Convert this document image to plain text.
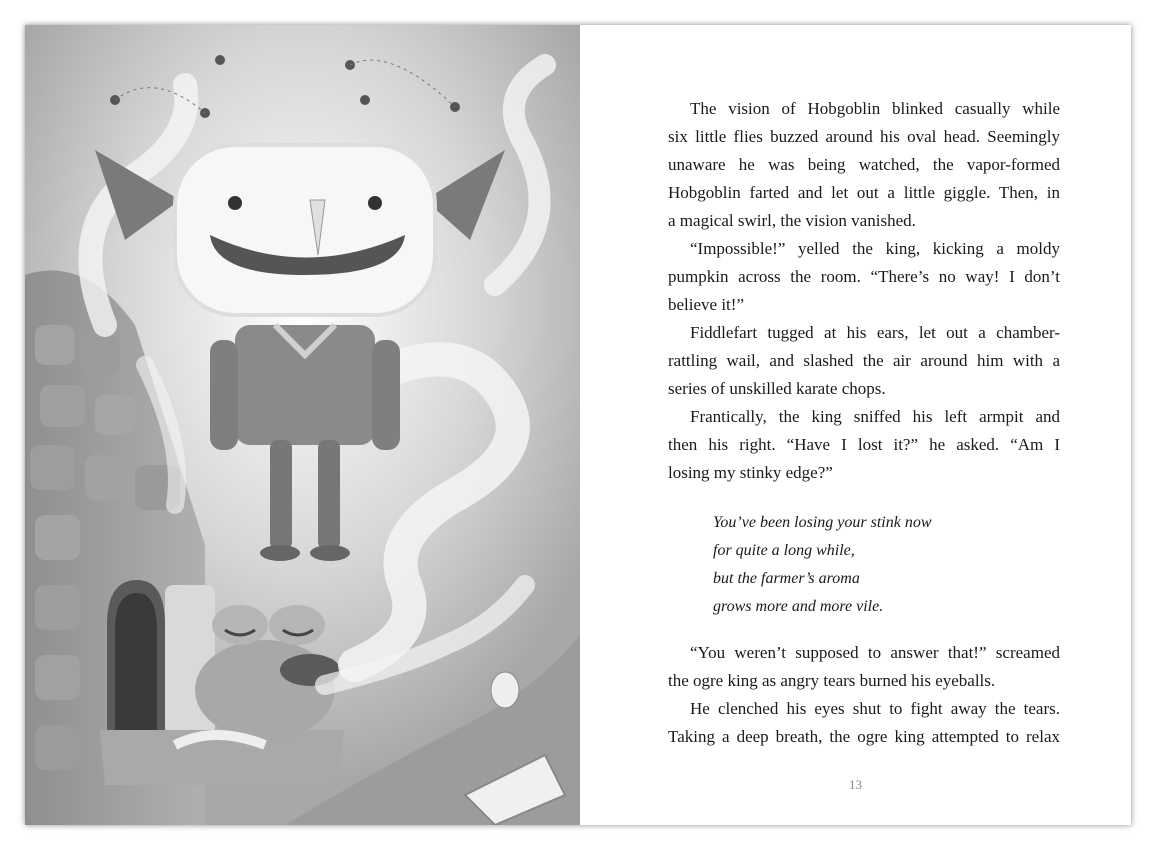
The vision of Hobgoblin blinked casually while
six little flies buzzed around his oval head. Seemingly
unaware he was being watched, the vapor-formed
Hobgoblin farted and let out a little giggle. Then, in
a magical swirl, the vision vanished.
“Impossible!” yelled the king, kicking a moldy
pumpkin across the room. “There’s no way! I don’t
believe it!”
Fiddlefart tugged at his ears, let out a chamber-
rattling wail, and slashed the air around him with a
series of unskilled karate chops.
Frantically, the king sniffed his left armpit and
then his right. “Have I lost it?” he asked. “Am I
losing my stinky edge?”
You’ve been losing your stink now
for quite a long while,
but the farmer’s aroma
grows more and more vile.
“You weren’t supposed to answer that!” screamed
the ogre king as angry tears burned his eyeballs.
He clenched his eyes shut to fight away the tears.
Taking a deep breath, the ogre king attempted to relax
13
